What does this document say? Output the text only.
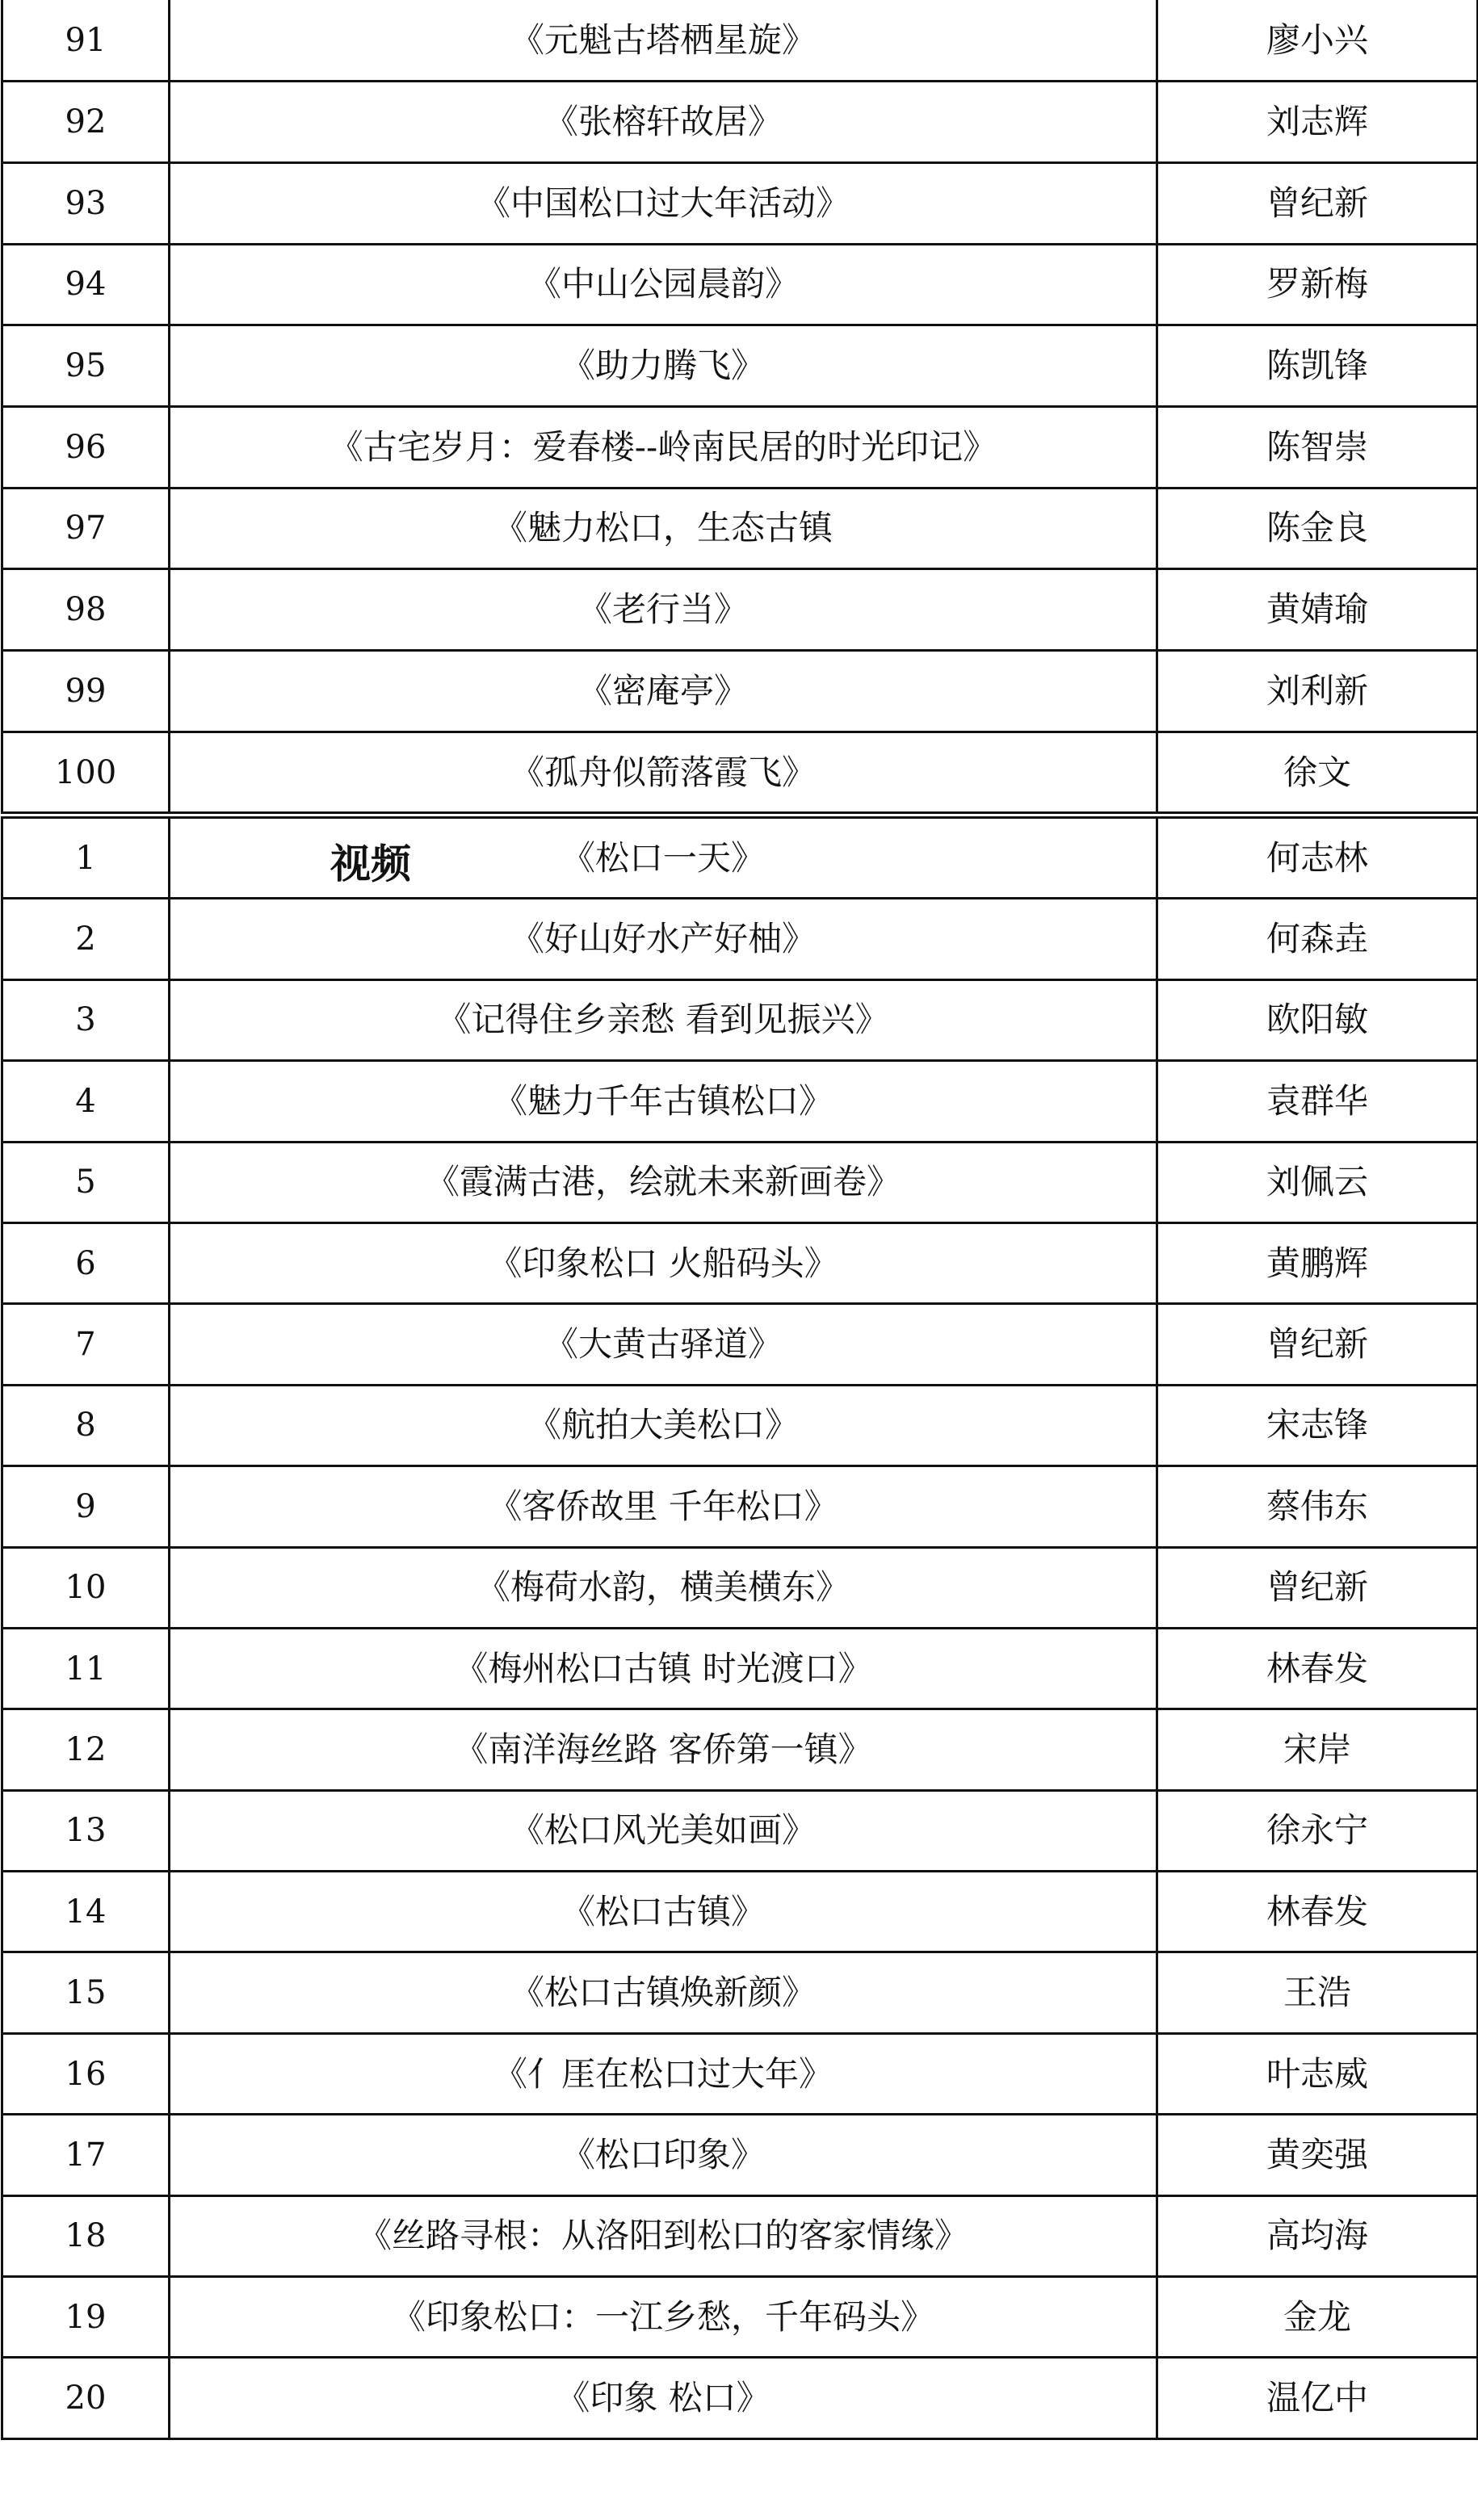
91	《元魁古塔栖星旋》	廖小兴
92	《张榕轩故居》	刘志辉
93	《中国松口过大年活动》	曾纪新
94	《中山公园晨韵》	罗新梅
95	《助力腾飞》	陈凯锋
96	《古宅岁月：爱春楼--岭南民居的时光印记》	陈智崇
97	《魅力松口，生态古镇	陈金良
98	《老行当》	黄婧瑜
99	《密庵亭》	刘利新
100	《孤舟似箭落霞飞》	徐文
视频
1	《松口一天》	何志林
2	《好山好水产好柚》	何森垚
3	《记得住乡亲愁 看到见振兴》	欧阳敏
4	《魅力千年古镇松口》	袁群华
5	《霞满古港，绘就未来新画卷》	刘佩云
6	《印象松口 火船码头》	黄鹏辉
7	《大黄古驿道》	曾纪新
8	《航拍大美松口》	宋志锋
9	《客侨故里 千年松口》	蔡伟东
10	《梅荷水韵，横美横东》	曾纪新
11	《梅州松口古镇 时光渡口》	林春发
12	《南洋海丝路 客侨第一镇》	宋岸
13	《松口风光美如画》	徐永宁
14	《松口古镇》	林春发
15	《松口古镇焕新颜》	王浩
16	《亻厓在松口过大年》	叶志威
17	《松口印象》	黄奕强
18	《丝路寻根：从洛阳到松口的客家情缘》	高均海
19	《印象松口：一江乡愁，千年码头》	金龙
20	《印象 松口》	温亿中
